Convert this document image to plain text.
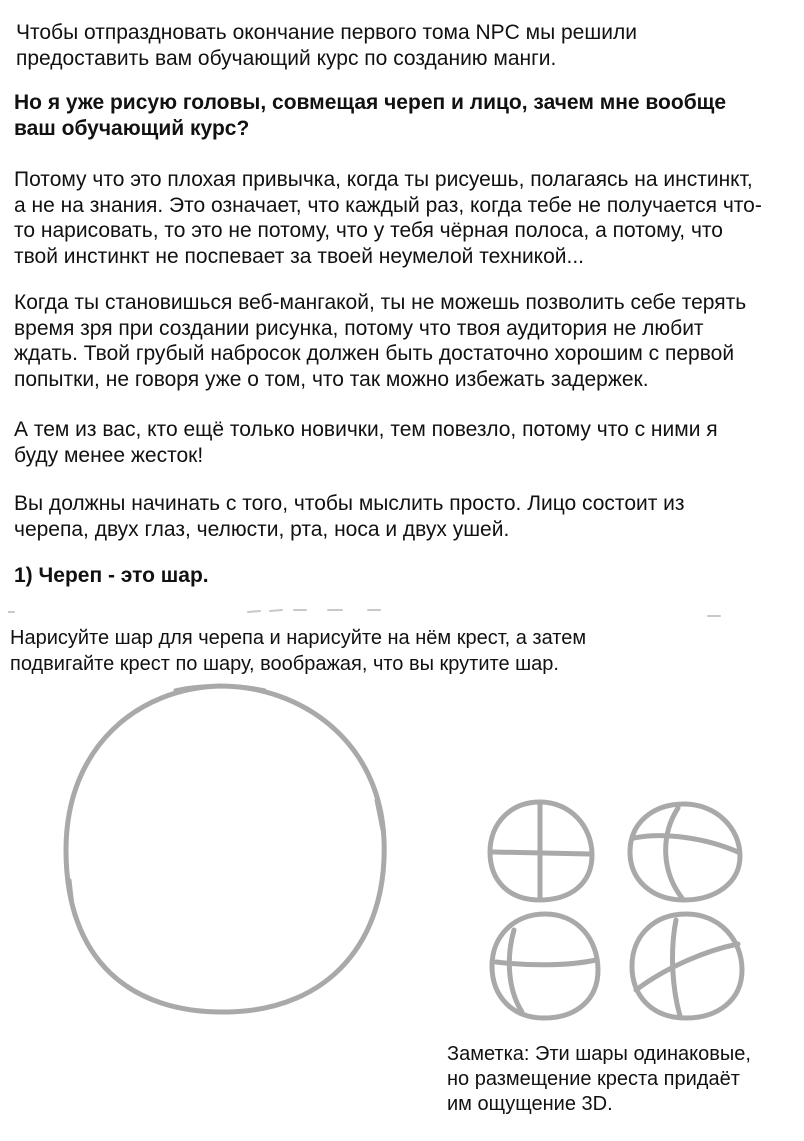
Чтобы отпраздновать окончание первого тома NPC мы решили
предоставить вам обучающий курс по созданию манги.

Но я уже рисую головы, совмещая череп и лицо, зачем мне вообще
ваш обучающий курс?

Потому что это плохая привычка, когда ты рисуешь, полагаясь на инстинкт,
а не на знания. Это означает, что каждый раз, когда тебе не получается что-
то нарисовать, то это не потому, что у тебя чёрная полоса, а потому, что
твой инстинкт не поспевает за твоей неумелой техникой...

Когда ты становишься веб-мангакой, ты не можешь позволить себе терять
время зря при создании рисунка, потому что твоя аудитория не любит
ждать. Твой грубый набросок должен быть достаточно хорошим с первой
попытки, не говоря уже о том, что так можно избежать задержек.

А тем из вас, кто ещё только новички, тем повезло, потому что с ними я
буду менее жесток!

Вы должны начинать с того, чтобы мыслить просто. Лицо состоит из
черепа, двух глаз, челюсти, рта, носа и двух ушей.

1) Череп - это шар.

Нарисуйте шар для черепа и нарисуйте на нём крест, а затем
подвигайте крест по шару, воображая, что вы крутите шар.

Заметка: Эти шары одинаковые,
но размещение креста придаёт
им ощущение 3D.
